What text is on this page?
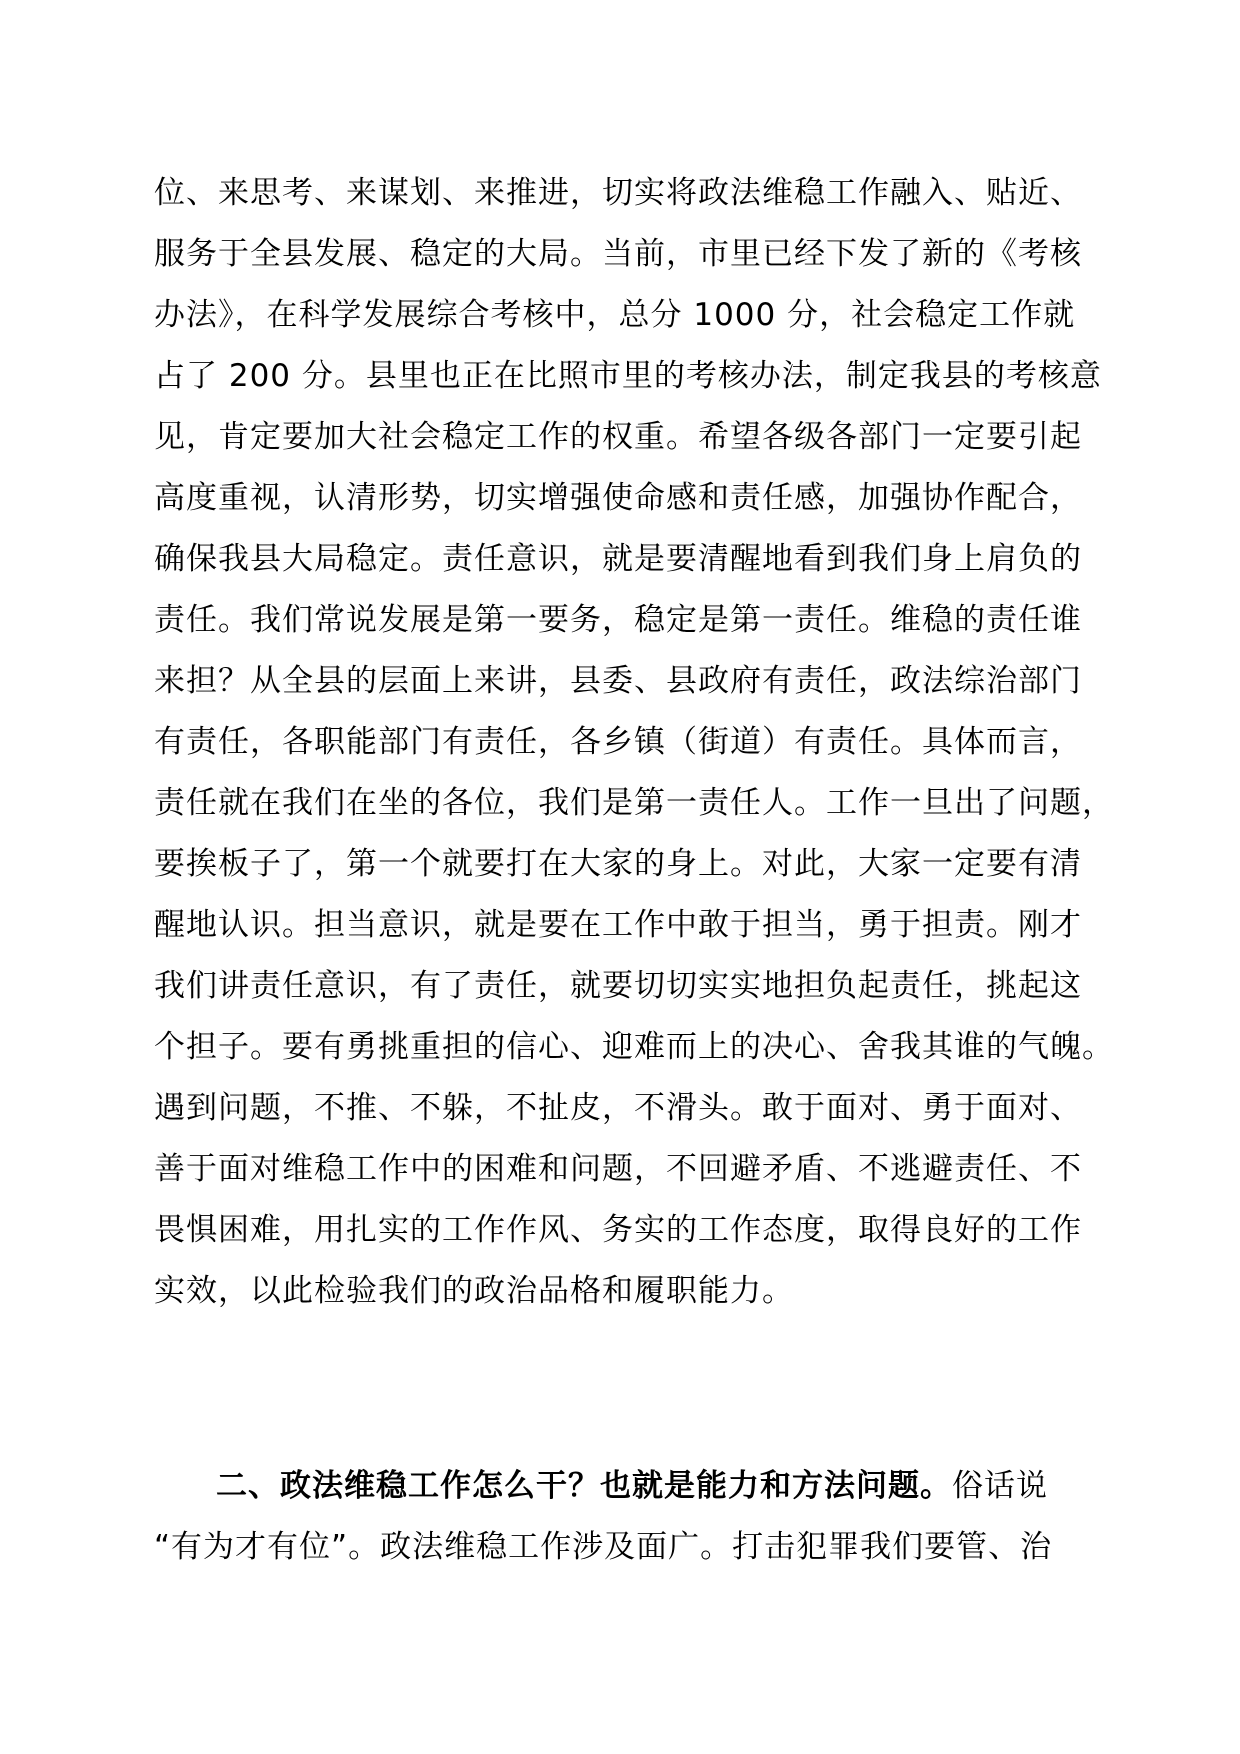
位、来思考、来谋划、来推进，切实将政法维稳工作融入、贴近、
服务于全县发展、稳定的大局。当前，市里已经下发了新的《考核
办法》，在科学发展综合考核中，总分 1000 分，社会稳定工作就
占了 200 分。县里也正在比照市里的考核办法，制定我县的考核意
见，肯定要加大社会稳定工作的权重。希望各级各部门一定要引起
高度重视，认清形势，切实增强使命感和责任感，加强协作配合，
确保我县大局稳定。责任意识，就是要清醒地看到我们身上肩负的
责任。我们常说发展是第一要务，稳定是第一责任。维稳的责任谁
来担？从全县的层面上来讲，县委、县政府有责任，政法综治部门
有责任，各职能部门有责任，各乡镇（街道）有责任。具体而言，
责任就在我们在坐的各位，我们是第一责任人。工作一旦出了问题，
要挨板子了，第一个就要打在大家的身上。对此，大家一定要有清
醒地认识。担当意识，就是要在工作中敢于担当，勇于担责。刚才
我们讲责任意识，有了责任，就要切切实实地担负起责任，挑起这
个担子。要有勇挑重担的信心、迎难而上的决心、舍我其谁的气魄。
遇到问题，不推、不躲，不扯皮，不滑头。敢于面对、勇于面对、
善于面对维稳工作中的困难和问题，不回避矛盾、不逃避责任、不
畏惧困难，用扎实的工作作风、务实的工作态度，取得良好的工作
实效，以此检验我们的政治品格和履职能力。
二、政法维稳工作怎么干？也就是能力和方法问题。俗话说
“有为才有位”。政法维稳工作涉及面广。打击犯罪我们要管、治
